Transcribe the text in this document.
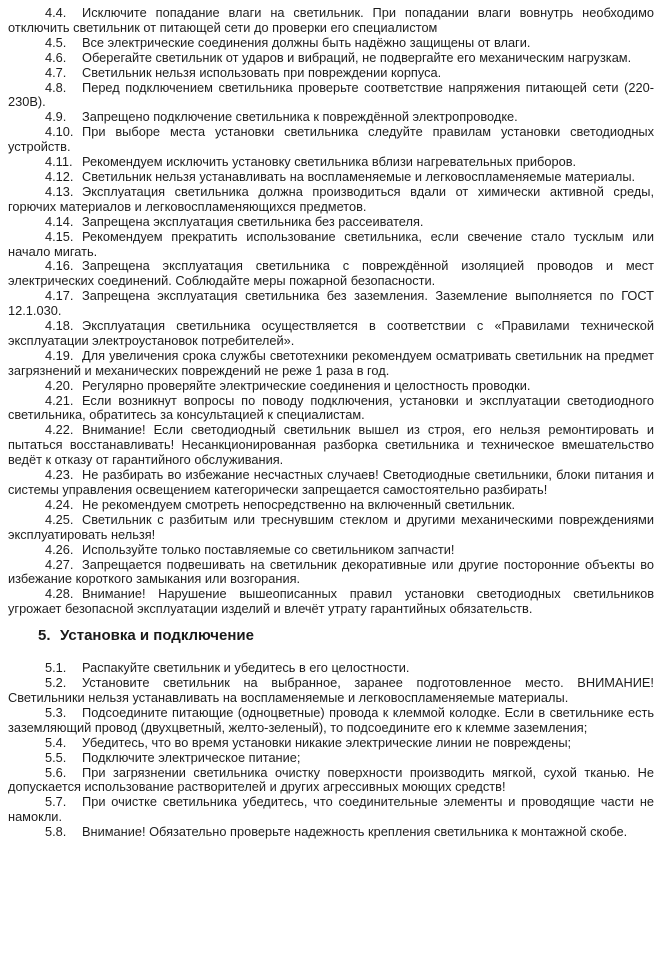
4.4. Исключите попадание влаги на светильник. При попадании влаги вовнутрь необходимо отключить светильник от питающей сети до проверки его специалистом

4.5. Все электрические соединения должны быть надёжно защищены от влаги.

4.6. Оберегайте светильник от ударов и вибраций, не подвергайте его механическим нагрузкам.

4.7. Светильник нельзя использовать при повреждении корпуса.

4.8. Перед подключением светильника проверьте соответствие напряжения питающей сети (220-230В).

4.9. Запрещено подключение светильника к повреждённой электропроводке.

4.10. При выборе места установки светильника следуйте правилам установки светодиодных устройств.

4.11. Рекомендуем исключить установку светильника вблизи нагревательных приборов.

4.12. Светильник нельзя устанавливать на воспламеняемые и легковоспламеняемые материалы.

4.13. Эксплуатация светильника должна производиться вдали от химически активной среды, горючих материалов и легковоспламеняющихся предметов.

4.14. Запрещена эксплуатация светильника без рассеивателя.

4.15. Рекомендуем прекратить использование светильника, если свечение стало тусклым или начало мигать.

4.16. Запрещена эксплуатация светильника с повреждённой изоляцией проводов и мест электрических соединений. Соблюдайте меры пожарной безопасности.

4.17. Запрещена эксплуатация светильника без заземления. Заземление выполняется по ГОСТ 12.1.030.

4.18. Эксплуатация светильника осуществляется в соответствии с «Правилами технической эксплуатации электроустановок потребителей».

4.19. Для увеличения срока службы светотехники рекомендуем осматривать светильник на предмет загрязнений и механических повреждений не реже 1 раза в год.

4.20. Регулярно проверяйте электрические соединения и целостность проводки.

4.21. Если возникнут вопросы по поводу подключения, установки и эксплуатации светодиодного светильника, обратитесь за консультацией к специалистам.

4.22. Внимание! Если светодиодный светильник вышел из строя, его нельзя ремонтировать и пытаться восстанавливать! Несанкционированная разборка светильника и техническое вмешательство ведёт к отказу от гарантийного обслуживания.

4.23. Не разбирать во избежание несчастных случаев! Светодиодные светильники, блоки питания и системы управления освещением категорически запрещается самостоятельно разбирать!

4.24. Не рекомендуем смотреть непосредственно на включенный светильник.

4.25. Светильник с разбитым или треснувшим стеклом и другими механическими повреждениями эксплуатировать нельзя!

4.26. Используйте только поставляемые со светильником запчасти!

4.27. Запрещается подвешивать на светильник декоративные или другие посторонние объекты во избежание короткого замыкания или возгорания.

4.28. Внимание! Нарушение вышеописанных правил установки светодиодных светильников угрожает безопасной эксплуатации изделий и влечёт утрату гарантийных обязательств.

5. Установка и подключение

5.1. Распакуйте светильник и убедитесь в его целостности.

5.2. Установите светильник на выбранное, заранее подготовленное место. ВНИМАНИЕ! Светильники нельзя устанавливать на воспламеняемые и легковоспламеняемые материалы.

5.3. Подсоедините питающие (одноцветные) провода к клеммой колодке. Если в светильнике есть заземляющий провод (двухцветный, желто-зеленый), то подсоедините его к клемме заземления;

5.4. Убедитесь, что во время установки никакие электрические линии не повреждены;

5.5. Подключите электрическое питание;

5.6. При загрязнении светильника очистку поверхности производить мягкой, сухой тканью. Не допускается использование растворителей и других агрессивных моющих средств!

5.7. При очистке светильника убедитесь, что соединительные элементы и проводящие части не намокли.

5.8. Внимание! Обязательно проверьте надежность крепления светильника к монтажной скобе.
